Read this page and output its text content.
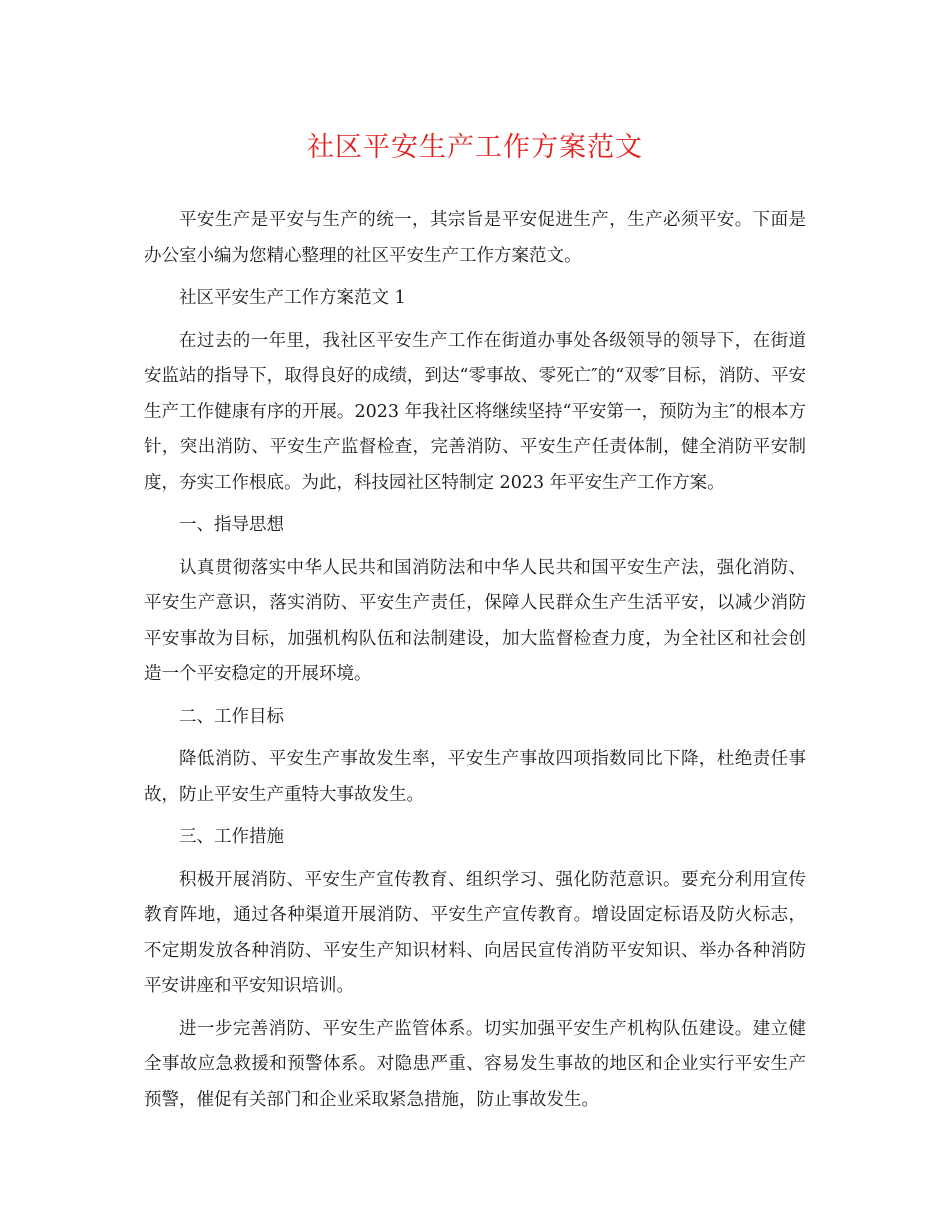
社区平安生产工作方案范文

平安生产是平安与生产的统一，其宗旨是平安促进生产，生产必须平安。下面是办公室小编为您精心整理的社区平安生产工作方案范文。

社区平安生产工作方案范文 1

在过去的一年里，我社区平安生产工作在街道办事处各级领导的领导下，在街道安监站的指导下，取得良好的成绩，到达“零事故、零死亡″的“双零″目标，消防、平安生产工作健康有序的开展。2023 年我社区将继续坚持“平安第一，预防为主″的根本方针，突出消防、平安生产监督检查，完善消防、平安生产任责体制，健全消防平安制度，夯实工作根底。为此，科技园社区特制定 2023 年平安生产工作方案。

一、指导思想

认真贯彻落实中华人民共和国消防法和中华人民共和国平安生产法，强化消防、平安生产意识，落实消防、平安生产责任，保障人民群众生产生活平安，以减少消防平安事故为目标，加强机构队伍和法制建设，加大监督检查力度，为全社区和社会创造一个平安稳定的开展环境。

二、工作目标

降低消防、平安生产事故发生率，平安生产事故四项指数同比下降，杜绝责任事故，防止平安生产重特大事故发生。

三、工作措施

积极开展消防、平安生产宣传教育、组织学习、强化防范意识。要充分利用宣传教育阵地，通过各种渠道开展消防、平安生产宣传教育。增设固定标语及防火标志，不定期发放各种消防、平安生产知识材料、向居民宣传消防平安知识、举办各种消防平安讲座和平安知识培训。

进一步完善消防、平安生产监管体系。切实加强平安生产机构队伍建设。建立健全事故应急救援和预警体系。对隐患严重、容易发生事故的地区和企业实行平安生产预警，催促有关部门和企业采取紧急措施，防止事故发生。
